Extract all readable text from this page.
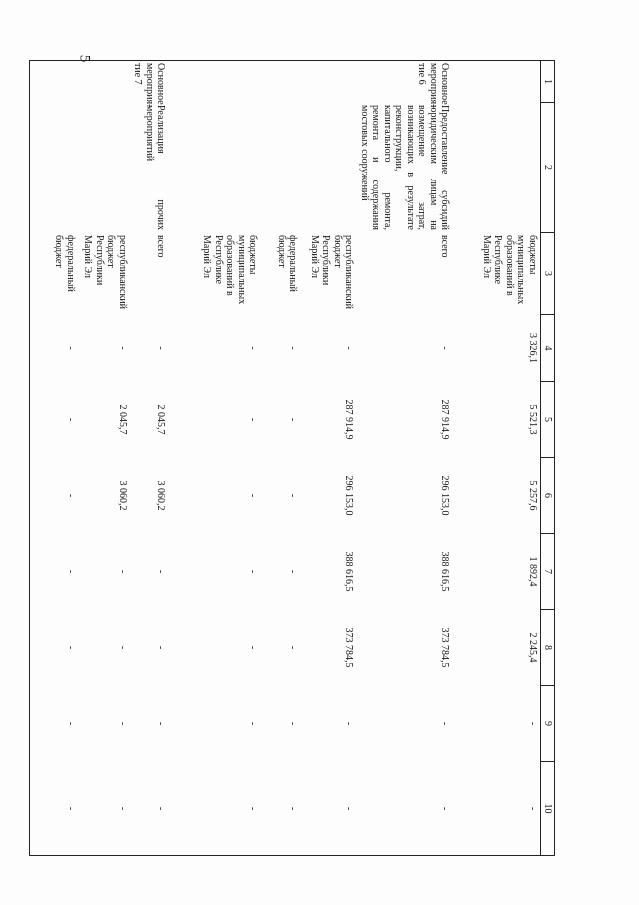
5
1	2	3	4	5	6	7	8	9	10
		бюджеты муниципальных образований в Республике Марий Эл	3 326,1	5 521,3	5 257,6	1 892,4	2 245,4	-	-
Основное мероприя-тие 6	Предоставление субсидий юридическим лицам на возмещение затрат, возникающих в результате реконструкции, капитального ремонта, ремонта и содержания мостовых сооружений	всего	-	287 914,9	296 153,0	388 616,5	373 784,5	-	-
		республиканский бюджет Республики Марий Эл	-	287 914,9	296 153,0	388 616,5	373 784,5	-	-
		федеральный бюджет	-	-	-	-	-	-	-
		бюджеты муниципальных образований в Республике Марий Эл	-	-	-	-	-	-	-
Основное мероприя-тие 7	Реализация прочих мероприятий	всего	-	2 045,7	3 060,2	-	-	-	-
		республиканский бюджет Республики Марий Эл	-	2 045,7	3 060,2	-	-	-	-
		федеральный бюджет	-	-	-	-	-	-	-
